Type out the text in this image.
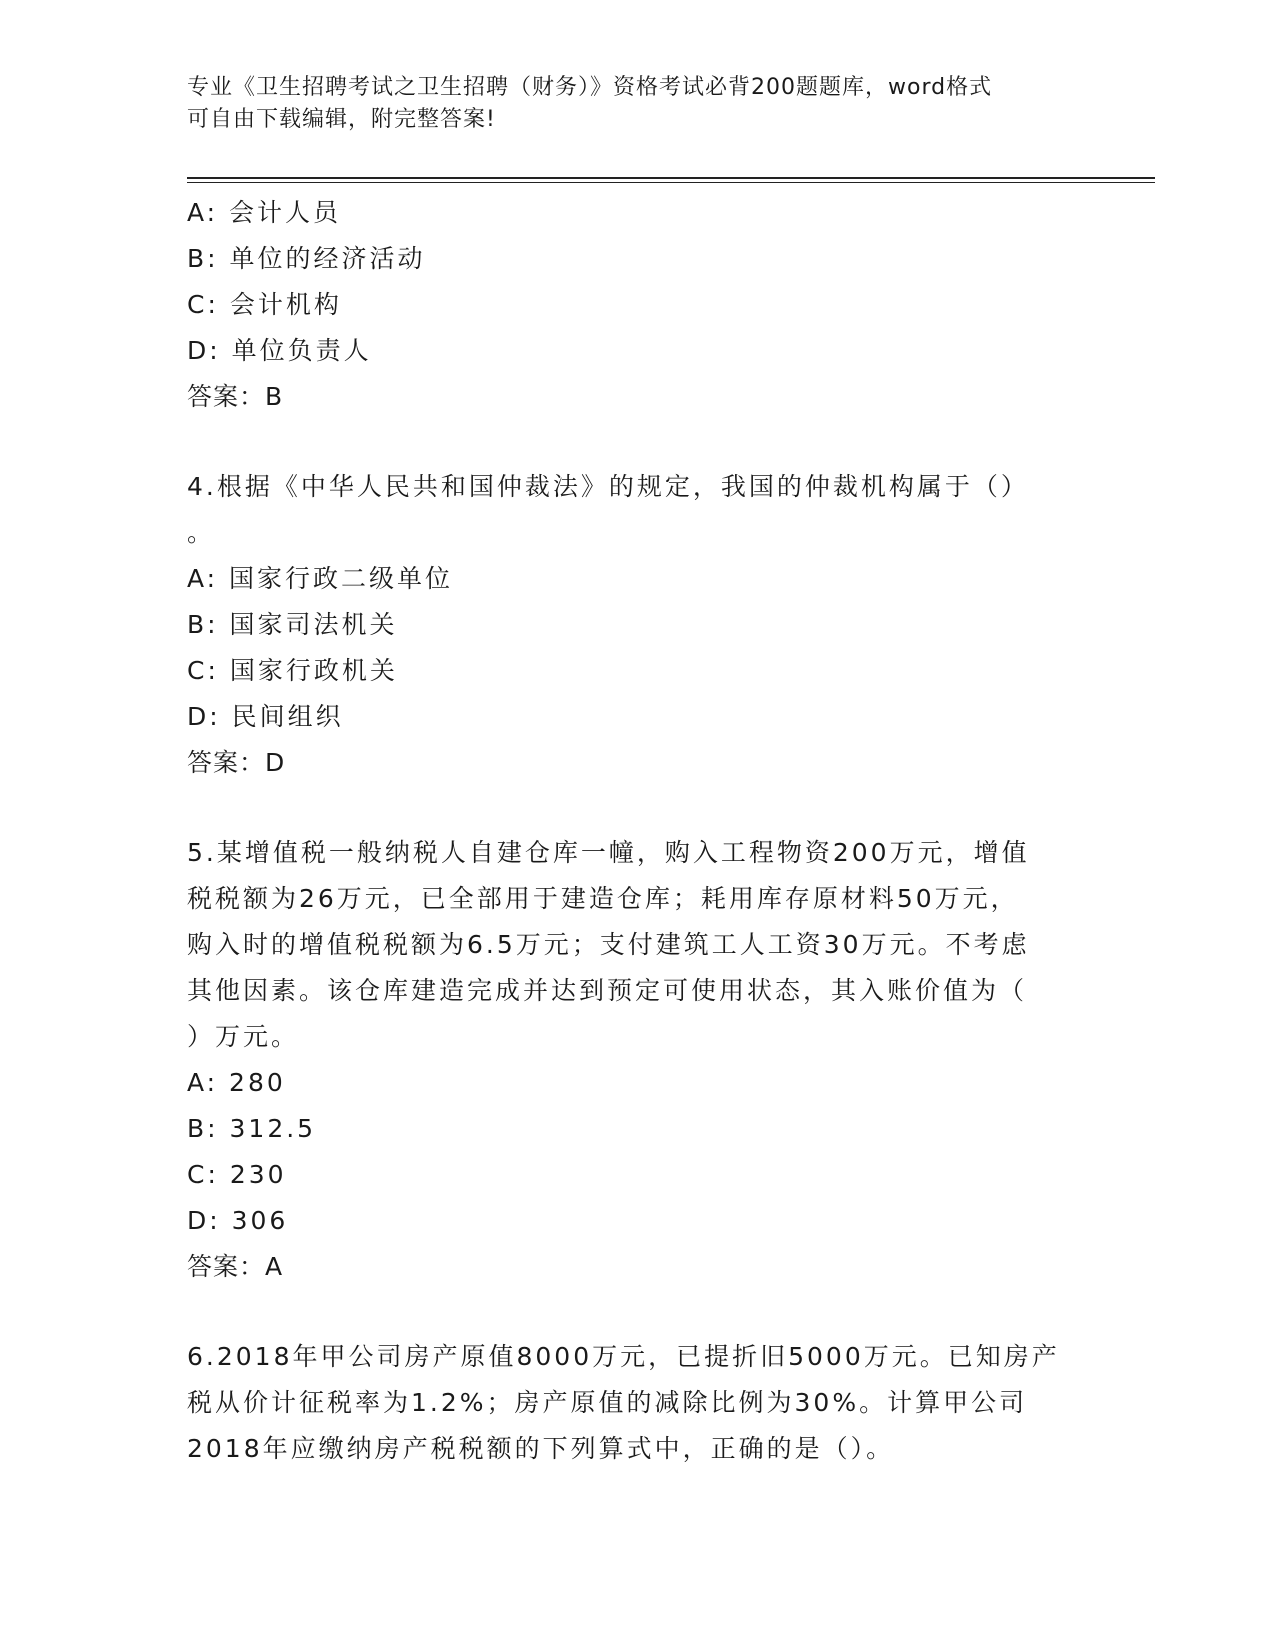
专业《卫生招聘考试之卫生招聘（财务）》资格考试必背200题题库，word格式
可自由下载编辑，附完整答案!
A: 会计人员
B: 单位的经济活动
C: 会计机构
D: 单位负责人
答案：B
4.根据《中华人民共和国仲裁法》的规定，我国的仲裁机构属于（）
。
A: 国家行政二级单位
B: 国家司法机关
C: 国家行政机关
D: 民间组织
答案：D
5.某增值税一般纳税人自建仓库一幢，购入工程物资200万元，增值
税税额为26万元，已全部用于建造仓库；耗用库存原材料50万元，
购入时的增值税税额为6.5万元；支付建筑工人工资30万元。不考虑
其他因素。该仓库建造完成并达到预定可使用状态，其入账价值为（
）万元。
A: 280
B: 312.5
C: 230
D: 306
答案：A
6.2018年甲公司房产原值8000万元，已提折旧5000万元。已知房产
税从价计征税率为1.2%；房产原值的减除比例为30%。计算甲公司
2018年应缴纳房产税税额的下列算式中，正确的是（）。
